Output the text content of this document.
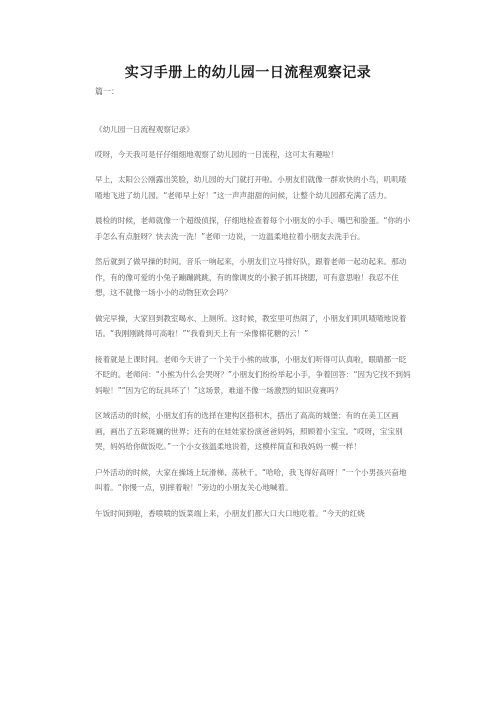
实习手册上的幼儿园一日流程观察记录
篇一：

《幼儿园一日流程观察记录》

哎呀，今天我可是仔仔细细地观察了幼儿园的一日流程，这可太有趣啦！

早上，太阳公公刚露出笑脸，幼儿园的大门就打开啦。小朋友们就像一群欢快的小鸟，叽叽喳喳地飞进了幼儿园。“老师早上好！”这一声声甜甜的问候，让整个幼儿园都充满了活力。

晨检的时候，老师就像一个超级侦探，仔细地检查着每个小朋友的小手、嘴巴和脸蛋。“你的小手怎么有点脏呀？快去洗一洗！”老师一边说，一边温柔地拉着小朋友去洗手台。

然后就到了做早操的时间。音乐一响起来，小朋友们立马排好队，跟着老师一起动起来。那动作，有的像可爱的小兔子蹦蹦跳跳，有的像调皮的小猴子抓耳挠腮，可有意思啦！我忍不住想，这不就像一场小小的动物狂欢会吗？

做完早操，大家回到教室喝水、上厕所。这时候，教室里可热闹了，小朋友们叽叽喳喳地说着话。“我刚刚跳得可高啦！”“我看到天上有一朵像棉花糖的云！”

接着就是上课时间。老师今天讲了一个关于小熊的故事，小朋友们听得可认真啦，眼睛都一眨不眨的。老师问：“小熊为什么会哭呀？”小朋友们纷纷举起小手，争着回答：“因为它找不到妈妈啦！”“因为它的玩具坏了！”这场景，难道不像一场激烈的知识竞赛吗？

区域活动的时候，小朋友们有的选择在建构区搭积木，搭出了高高的城堡；有的在美工区画画，画出了五彩斑斓的世界；还有的在娃娃家扮演爸爸妈妈，照顾着小宝宝。“哎呀，宝宝别哭，妈妈给你做饭吃。”一个小女孩温柔地说着，这模样简直和我妈妈一模一样！

户外活动的时候，大家在操场上玩滑梯、荡秋千。“哈哈，我飞得好高呀！”一个小男孩兴奋地叫着。“你慢一点，别摔着啦！”旁边的小朋友关心地喊着。

午饭时间到啦，香喷喷的饭菜端上来，小朋友们都大口大口地吃着。“今天的红烧
